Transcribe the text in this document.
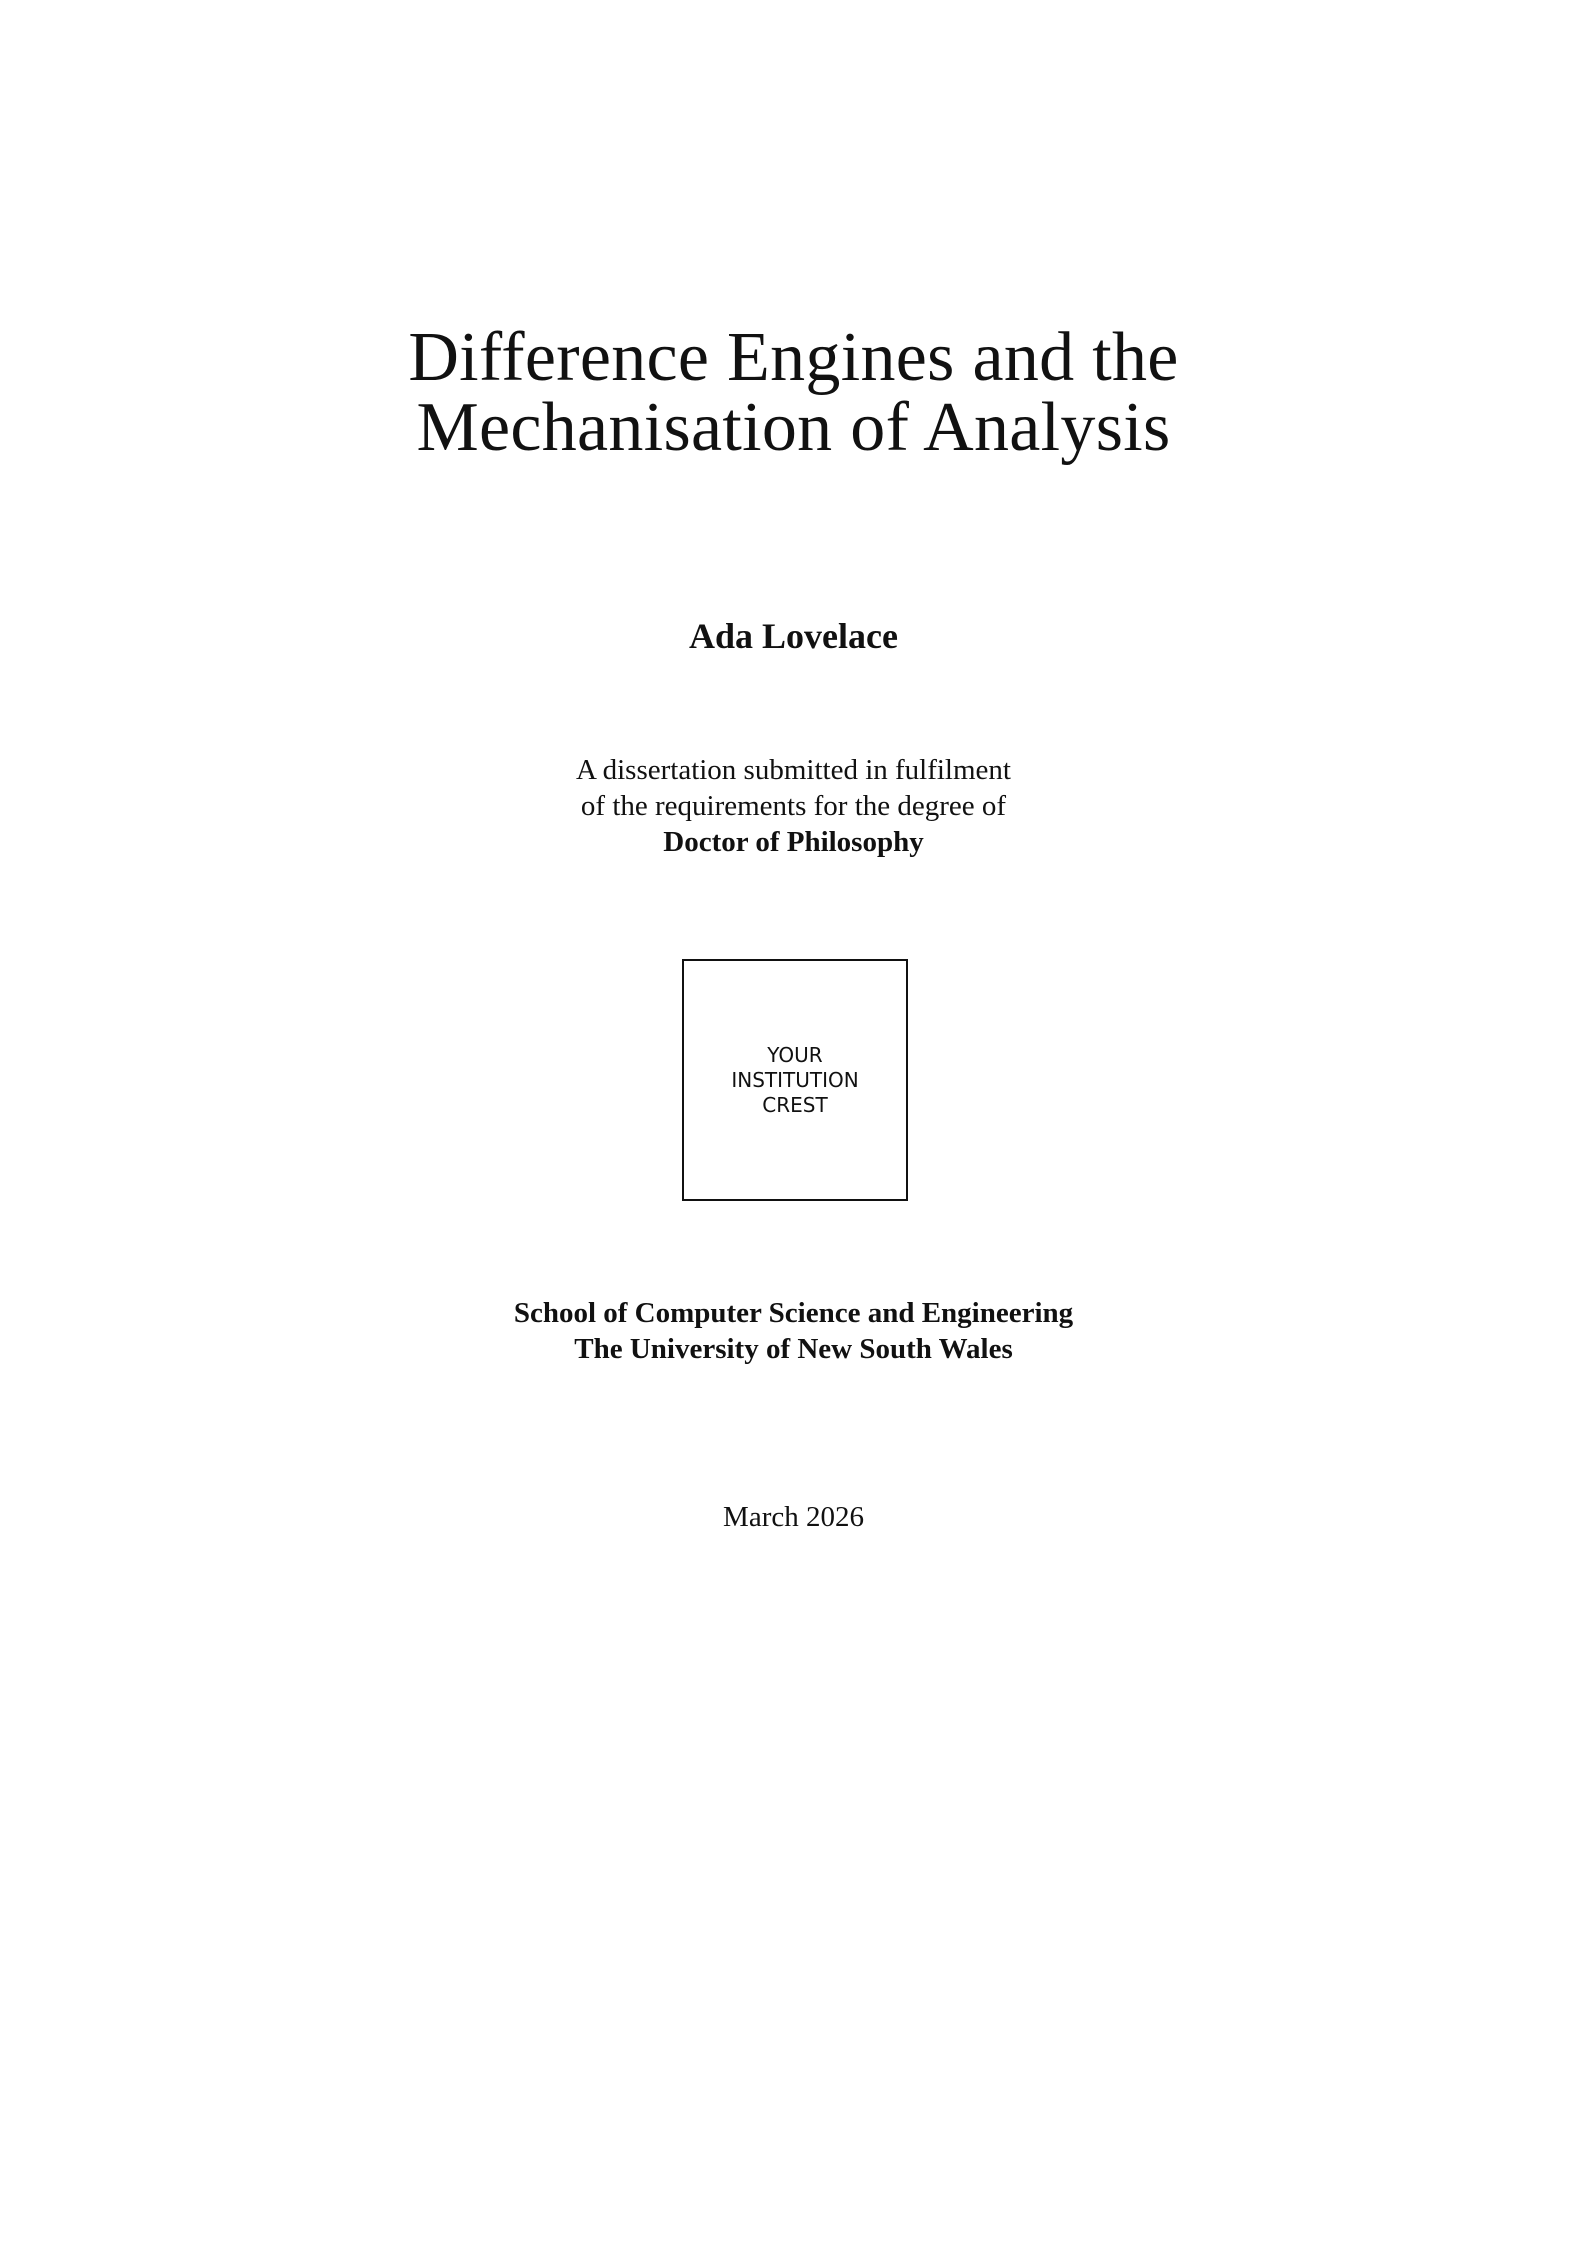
Difference Engines and the
Mechanisation of Analysis
Ada Lovelace
A dissertation submitted in fulfilment
of the requirements for the degree of
Doctor of Philosophy
YOUR
INSTITUTION
CREST
School of Computer Science and Engineering
The University of New South Wales
March 2026
